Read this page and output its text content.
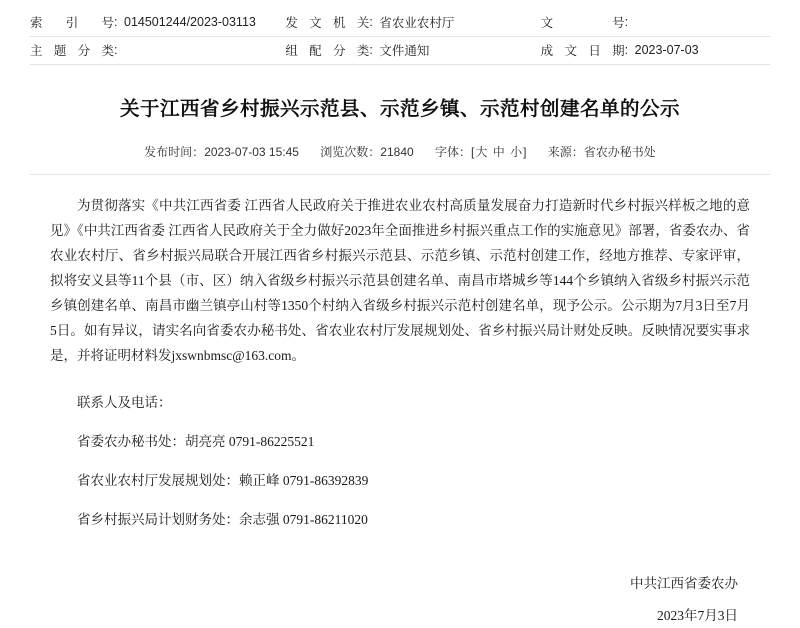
索 引 号	:	014501244/2023-03113		发文机关	:	省农业农村厅		文　　号	:	
主题分类	:			组配分类	:	文件通知		成文日期	:	2023-07-03
关于江西省乡村振兴示范县、示范乡镇、示范村创建名单的公示
发布时间：2023-07-03 15:45 浏览次数：21840 字体：[大 中 小] 来源：省农办秘书处

为贯彻落实《中共江西省委 江西省人民政府关于推进农业农村高质量发展奋力打造新时代乡村振兴样板之地的意见》《中共江西省委 江西省人民政府关于全力做好2023年全面推进乡村振兴重点工作的实施意见》部署，省委农办、省农业农村厅、省乡村振兴局联合开展江西省乡村振兴示范县、示范乡镇、示范村创建工作，经地方推荐、专家评审，拟将安义县等11个县（市、区）纳入省级乡村振兴示范县创建名单、南昌市塔城乡等144个乡镇纳入省级乡村振兴示范乡镇创建名单、南昌市幽兰镇亭山村等1350个村纳入省级乡村振兴示范村创建名单，现予公示。公示期为7月3日至7月5日。如有异议，请实名向省委农办秘书处、省农业农村厅发展规划处、省乡村振兴局计财处反映。反映情况要实事求是，并将证明材料发jxswnbmsc@163.com。

联系人及电话：

省委农办秘书处：胡亮亮 0791-86225521

省农业农村厅发展规划处：赖正峰 0791-86392839

省乡村振兴局计划财务处：余志强 0791-86211020

中共江西省委农办
2023年7月3日
